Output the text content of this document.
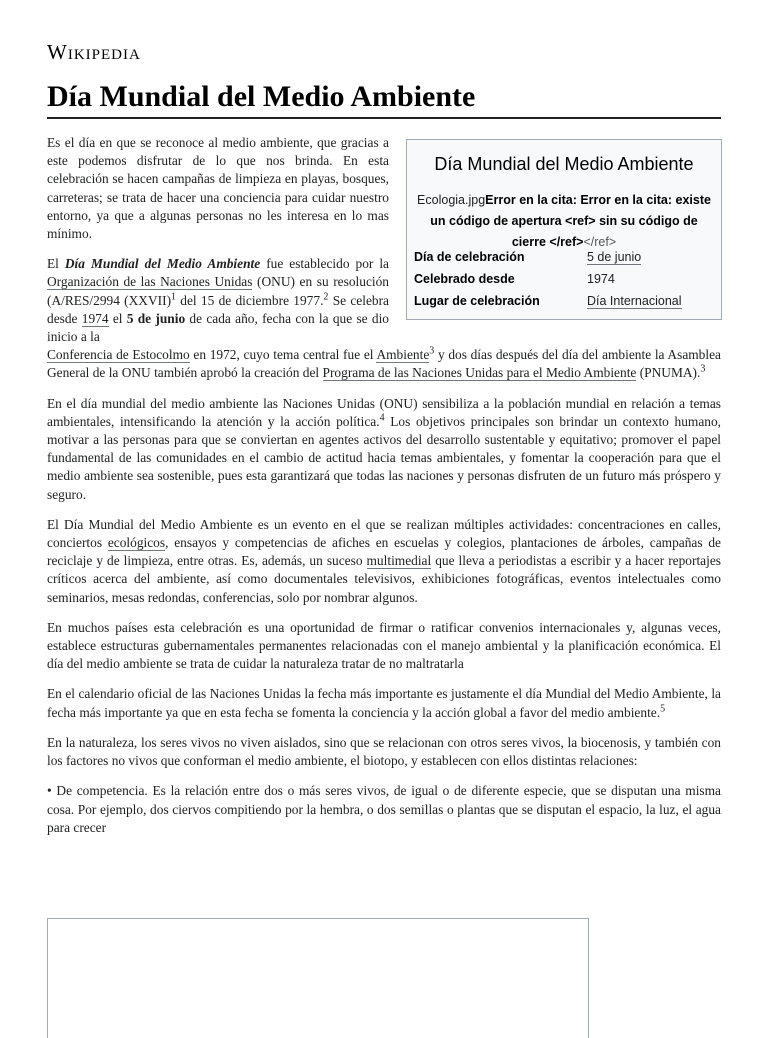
Wikipedia
Día Mundial del Medio Ambiente

Es el día en que se reconoce al medio ambiente, que gracias a este podemos disfrutar de lo que nos brinda. En esta celebración se hacen campañas de limpieza en playas, bosques, carreteras; se trata de hacer una conciencia para cuidar nuestro entorno, ya que a algunas personas no les interesa en lo mas mínimo.

El Día Mundial del Medio Ambiente fue establecido por la Organización de las Naciones Unidas (ONU) en su resolución (A/RES/2994 (XXVII)$^1$ del 15 de diciembre 1977.$^2$ Se celebra desde 1974 el 5 de junio de cada año, fecha con la que se dio inicio a la
Conferencia de Estocolmo en 1972, cuyo tema central fue el Ambiente$^3$ y dos días después del día del ambiente la Asamblea General de la ONU también aprobó la creación del Programa de las Naciones Unidas para el Medio Ambiente (PNUMA).$^3$

En el día mundial del medio ambiente las Naciones Unidas (ONU) sensibiliza a la población mundial en relación a temas ambientales, intensificando la atención y la acción política.$^4$ Los objetivos principales son brindar un contexto humano, motivar a las personas para que se conviertan en agentes activos del desarrollo sustentable y equitativo; promover el papel fundamental de las comunidades en el cambio de actitud hacia temas ambientales, y fomentar la cooperación para que el medio ambiente sea sostenible, pues esta garantizará que todas las naciones y personas disfruten de un futuro más próspero y seguro.

El Día Mundial del Medio Ambiente es un evento en el que se realizan múltiples actividades: concentraciones en calles, conciertos ecológicos, ensayos y competencias de afiches en escuelas y colegios, plantaciones de árboles, campañas de reciclaje y de limpieza, entre otras. Es, además, un suceso multimedial que lleva a periodistas a escribir y a hacer reportajes críticos acerca del ambiente, así como documentales televisivos, exhibiciones fotográficas, eventos intelectuales como seminarios, mesas redondas, conferencias, solo por nombrar algunos.

En muchos países esta celebración es una oportunidad de firmar o ratificar convenios internacionales y, algunas veces, establece estructuras gubernamentales permanentes relacionadas con el manejo ambiental y la planificación económica. El día del medio ambiente se trata de cuidar la naturaleza tratar de no maltratarla

En el calendario oficial de las Naciones Unidas la fecha más importante es justamente el día Mundial del Medio Ambiente, la fecha más importante ya que en esta fecha se fomenta la conciencia y la acción global a favor del medio ambiente.$^5$

En la naturaleza, los seres vivos no viven aislados, sino que se relacionan con otros seres vivos, la biocenosis, y también con los factores no vivos que conforman el medio ambiente, el biotopo, y establecen con ellos distintas relaciones:

• De competencia. Es la relación entre dos o más seres vivos, de igual o de diferente especie, que se disputan una misma cosa. Por ejemplo, dos ciervos compitiendo por la hembra, o dos semillas o plantas que se disputan el espacio, la luz, el agua para crecer

Día Mundial del Medio Ambiente
Ecologia.jpgError en la cita: Error en la cita: existe un código de apertura <ref> sin su código de cierre </ref></ref>
Día de celebración	5 de junio
Celebrado desde	1974
Lugar de celebración	Día Internacional
